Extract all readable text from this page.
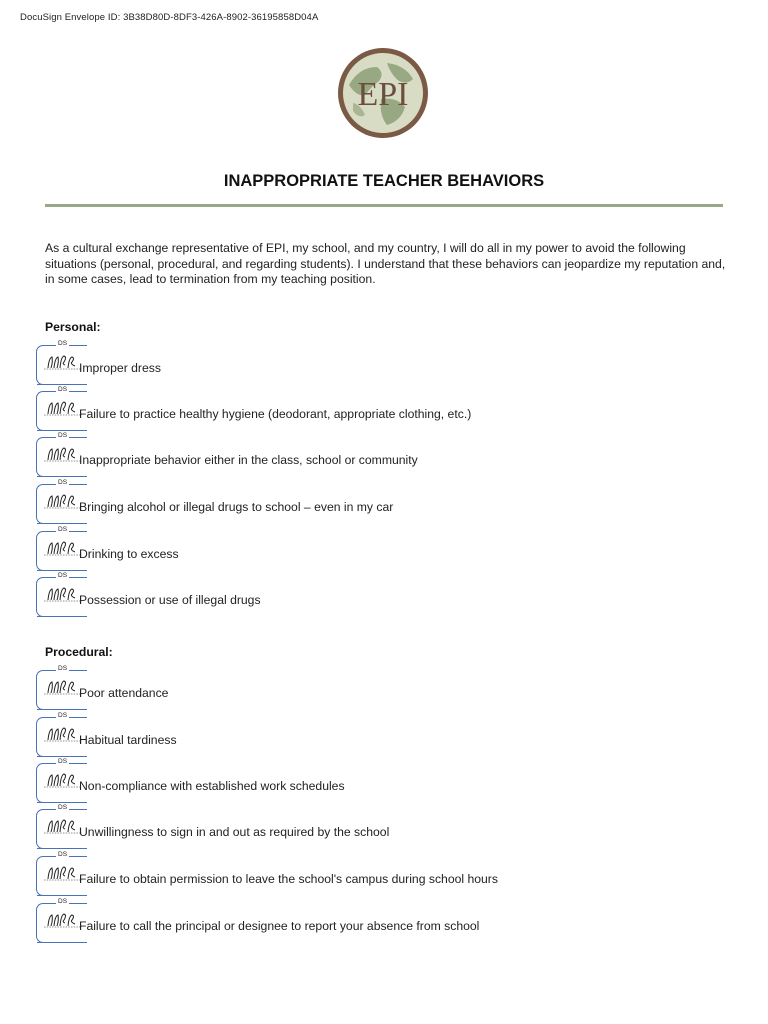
DocuSign Envelope ID: 3B38D80D-8DF3-426A-8902-36195858D04A
EPI
INAPPROPRIATE TEACHER BEHAVIORS
As a cultural exchange representative of EPI, my school, and my country, I will do all in my power to avoid the following situations (personal, procedural, and regarding students). I understand that these behaviors can jeopardize my reputation and, in some cases, lead to termination from my teaching position.
Personal:
DS
Improper dress
DS
Failure to practice healthy hygiene (deodorant, appropriate clothing, etc.)
DS
Inappropriate behavior either in the class, school or community
DS
Bringing alcohol or illegal drugs to school – even in my car
DS
Drinking to excess
DS
Possession or use of illegal drugs
Procedural:
DS
Poor attendance
DS
Habitual tardiness
DS
Non-compliance with established work schedules
DS
Unwillingness to sign in and out as required by the school
DS
Failure to obtain permission to leave the school's campus during school hours
DS
Failure to call the principal or designee to report your absence from school
